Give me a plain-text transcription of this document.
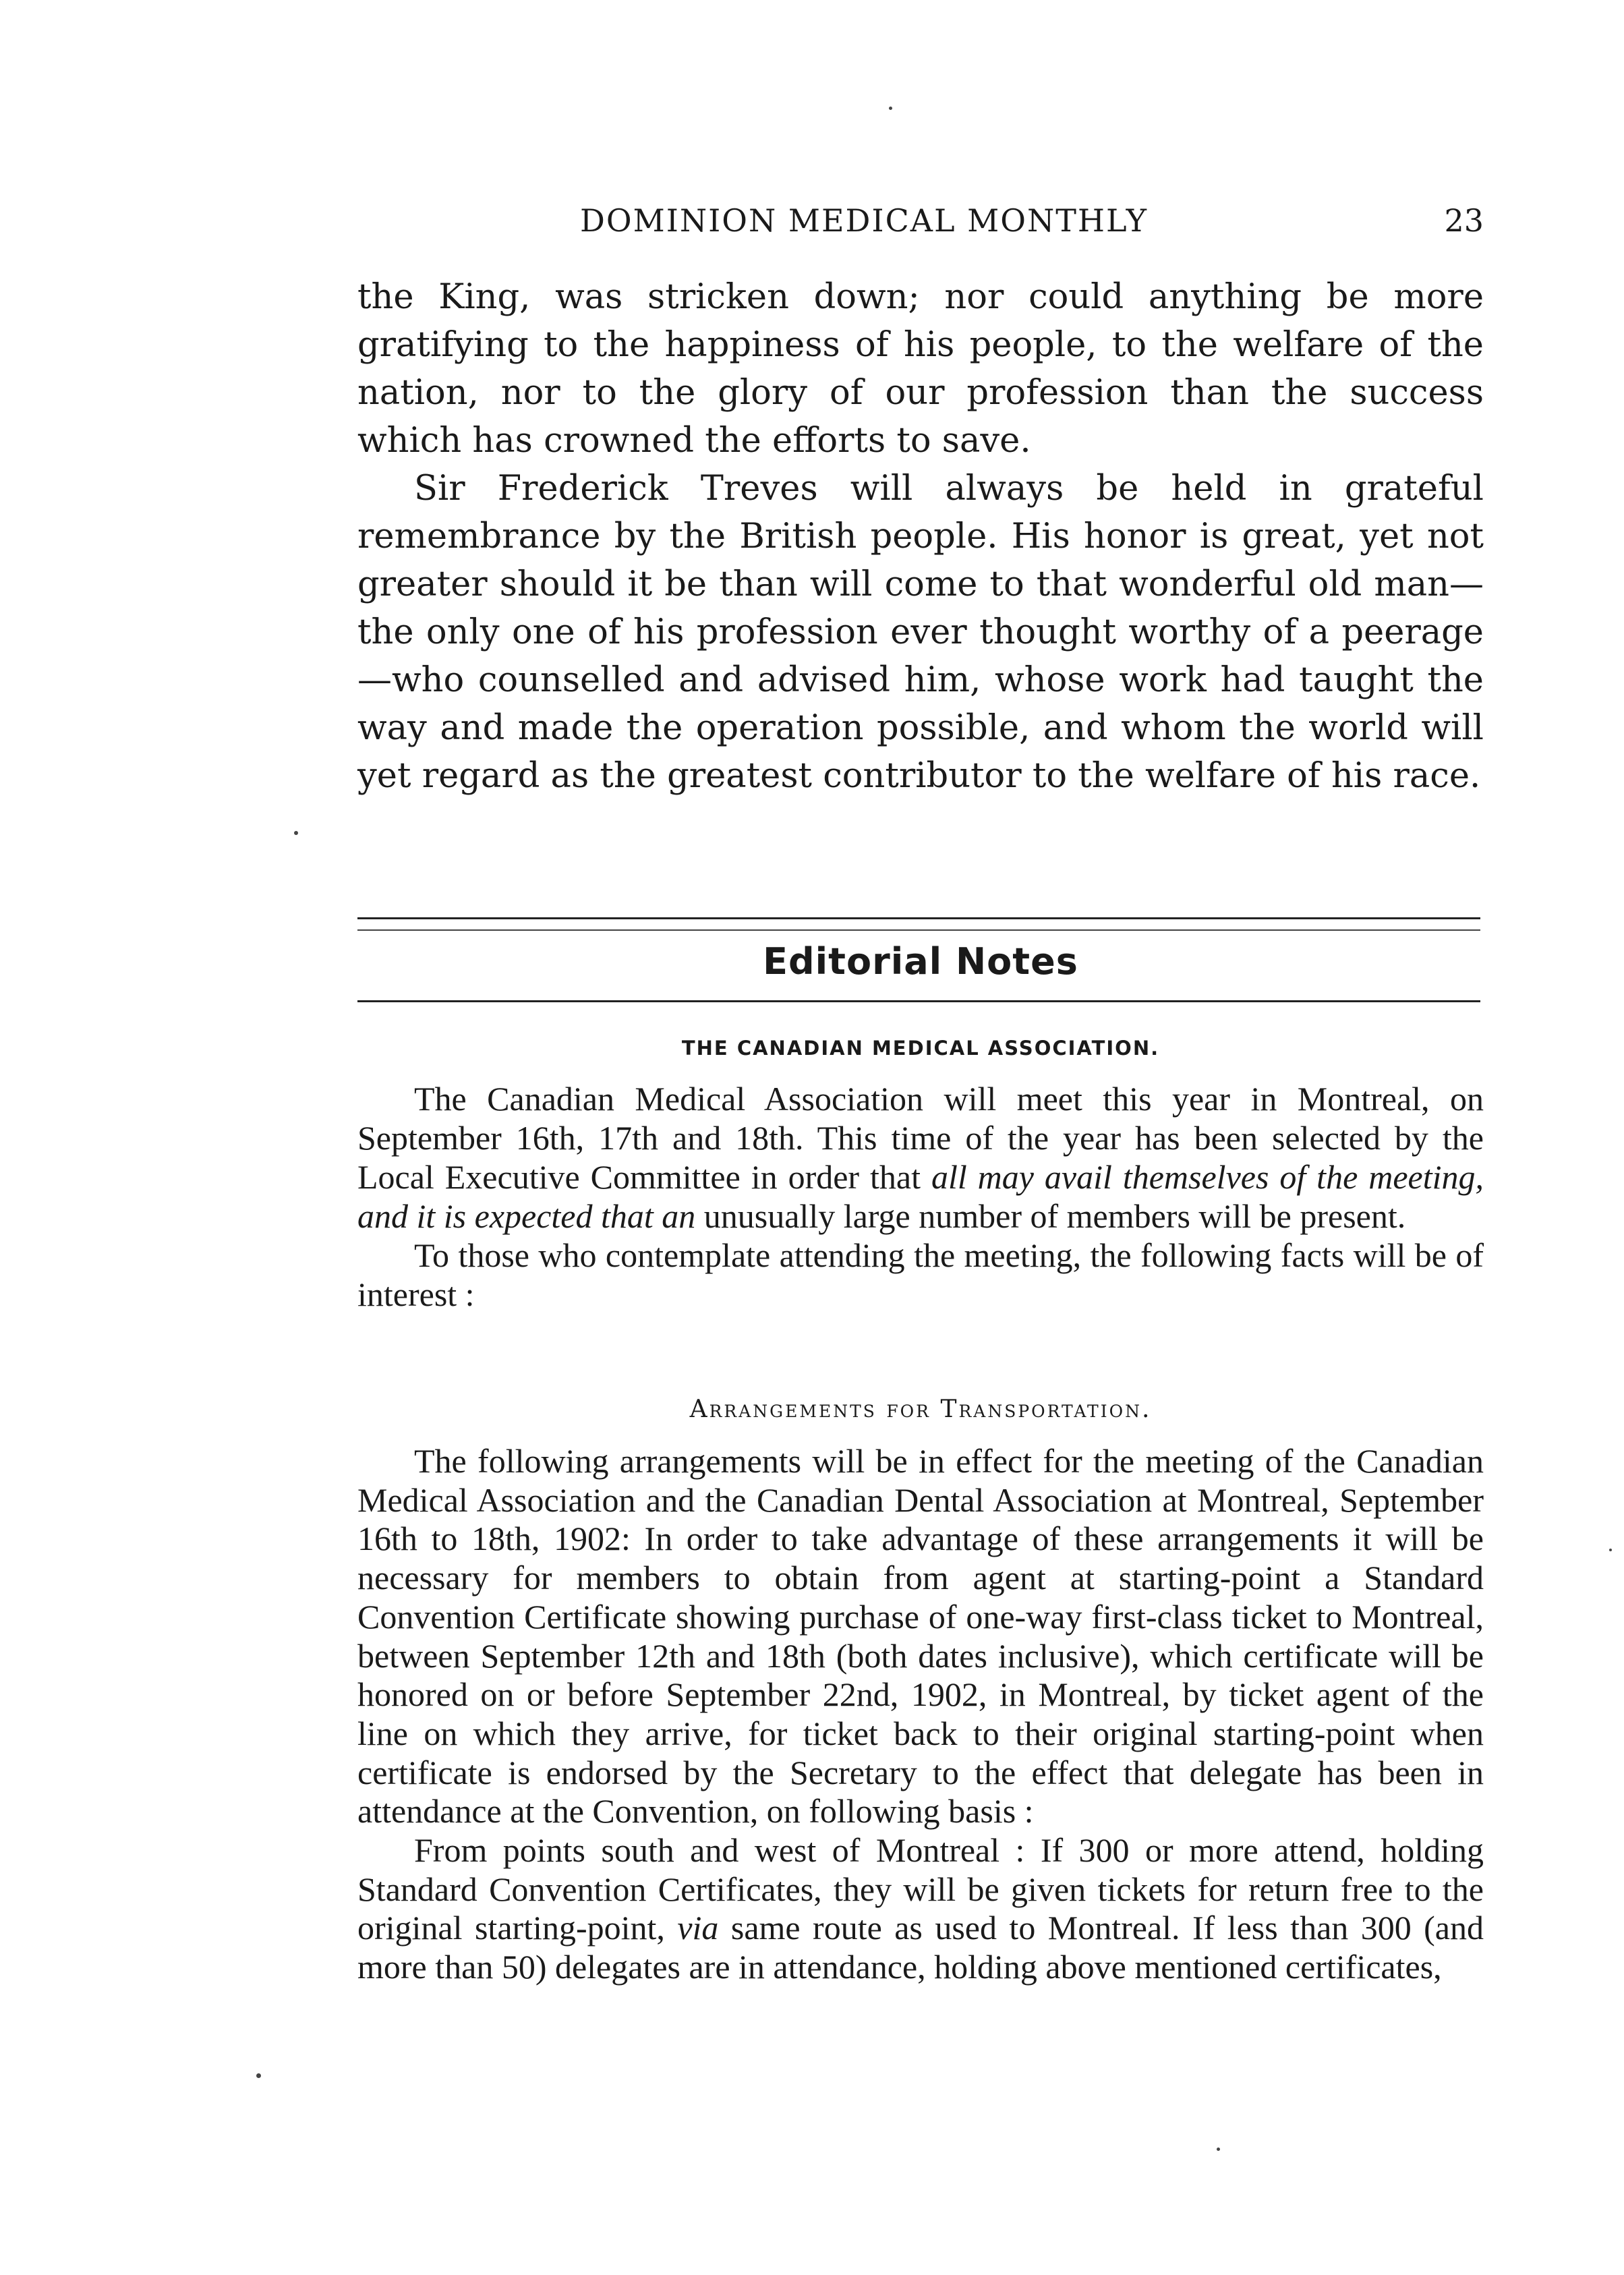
DOMINION MEDICAL MONTHLY	23

the King, was stricken down; nor could anything be more gratifying to the happiness of his people, to the welfare of the nation, nor to the glory of our profession than the success which has crowned the efforts to save.

Sir Frederick Treves will always be held in grateful remembrance by the British people. His honor is great, yet not greater should it be than will come to that wonderful old man—the only one of his profession ever thought worthy of a peerage —who counselled and advised him, whose work had taught the way and made the operation possible, and whom the world will yet regard as the greatest contributor to the welfare of his race.

Editorial Notes
THE CANADIAN MEDICAL ASSOCIATION.

The Canadian Medical Association will meet this year in Montreal, on September 16th, 17th and 18th. This time of the year has been selected by the Local Executive Committee in order that all may avail themselves of the meeting, and it is expected that an unusually large number of members will be present.

To those who contemplate attending the meeting, the following facts will be of interest :

Arrangements for Transportation.

The following arrangements will be in effect for the meeting of the Canadian Medical Association and the Canadian Dental Association at Montreal, September 16th to 18th, 1902: In order to take advantage of these arrangements it will be necessary for members to obtain from agent at starting-point a Standard Convention Certificate showing purchase of one-way first-class ticket to Montreal, between September 12th and 18th (both dates inclusive), which certificate will be honored on or before September 22nd, 1902, in Montreal, by ticket agent of the line on which they arrive, for ticket back to their original starting-point when certificate is endorsed by the Secretary to the effect that delegate has been in attendance at the Convention, on following basis :

From points south and west of Montreal : If 300 or more attend, holding Standard Convention Certificates, they will be given tickets for return free to the original starting-point, via same route as used to Montreal. If less than 300 (and more than 50) delegates are in attendance, holding above mentioned certificates,
